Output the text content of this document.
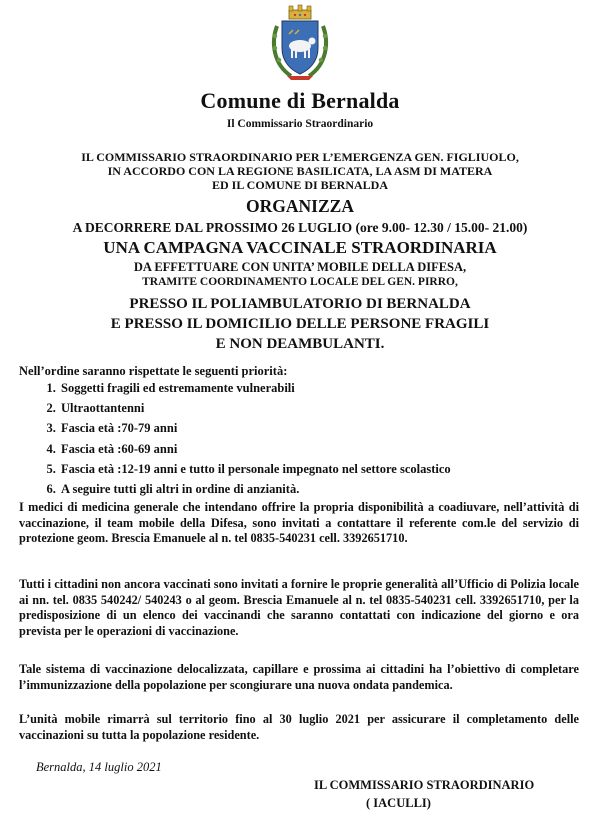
Comune di Bernalda
Il Commissario Straordinario
IL COMMISSARIO STRAORDINARIO PER L’EMERGENZA GEN. FIGLIUOLO,
IN ACCORDO CON LA REGIONE BASILICATA, LA ASM DI MATERA
ED IL COMUNE DI BERNALDA
ORGANIZZA
A DECORRERE DAL PROSSIMO 26 LUGLIO (ore 9.00- 12.30 / 15.00- 21.00)
UNA CAMPAGNA VACCINALE STRAORDINARIA
DA EFFETTUARE CON UNITA’ MOBILE DELLA DIFESA,
TRAMITE COORDINAMENTO LOCALE DEL GEN. PIRRO,
PRESSO IL POLIAMBULATORIO DI BERNALDA
E PRESSO IL DOMICILIO DELLE PERSONE FRAGILI
E NON DEAMBULANTI.
Nell’ordine saranno rispettate le seguenti priorità:
1. Soggetti fragili ed estremamente vulnerabili
2. Ultraottantenni
3. Fascia età :70-79 anni
4. Fascia età :60-69 anni
5. Fascia età :12-19 anni e tutto il personale impegnato nel settore scolastico
6. A seguire tutti gli altri in ordine di anzianità.
I medici di medicina generale che intendano offrire la propria disponibilità a coadiuvare, nell’attività di vaccinazione, il team mobile della Difesa, sono invitati a contattare il referente com.le del servizio di protezione geom. Brescia Emanuele al n. tel 0835-540231 cell. 3392651710.
Tutti i cittadini non ancora vaccinati sono invitati a fornire le proprie generalità all’Ufficio di Polizia locale ai nn. tel. 0835 540242/ 540243 o al geom. Brescia Emanuele al n. tel 0835-540231 cell. 3392651710, per la predisposizione di un elenco dei vaccinandi che saranno contattati con indicazione del giorno e ora prevista per le operazioni di vaccinazione.
Tale sistema di vaccinazione delocalizzata, capillare e prossima ai cittadini ha l’obiettivo di completare l’immunizzazione della popolazione per scongiurare una nuova ondata pandemica.
L’unità mobile rimarrà sul territorio fino al 30 luglio 2021 per assicurare il completamento delle vaccinazioni su tutta la popolazione residente.
Bernalda, 14 luglio 2021
IL COMMISSARIO STRAORDINARIO
( IACULLI)
